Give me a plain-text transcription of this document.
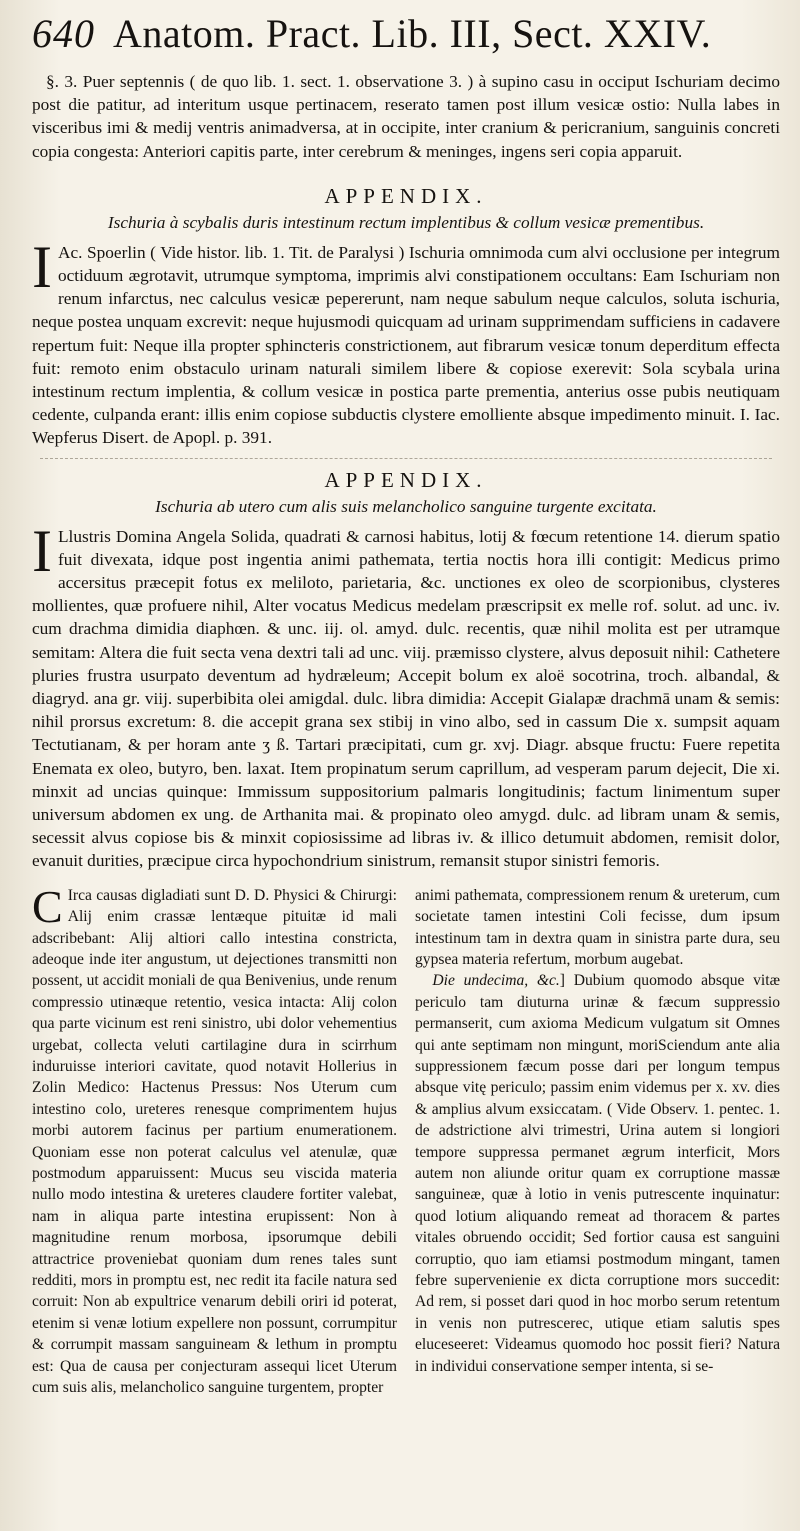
640 Anatom. Pract. Lib. III, Sect. XXIV.

§. 3. Puer septennis ( de quo lib. 1. sect. 1. observatione 3. ) à supino casu in occiput Ischuriam decimo post die patitur, ad interitum usque pertinacem, reserato tamen post illum vesicæ ostio: Nulla labes in visceribus imi & medij ventris animadversa, at in occipite, inter cranium & pericranium, sanguinis concreti copia congesta: Anteriori capitis parte, inter cerebrum & meninges, ingens seri copia apparuit.

APPENDIX.
Ischuria à scybalis duris intestinum rectum implentibus & collum vesicæ prementibus.

I Ac. Spoerlin ( Vide histor. lib. 1. Tit. de Paralysi ) Ischuria omnimoda cum alvi occlusione per integrum octiduum ægrotavit, utrumque symptoma, imprimis alvi constipationem occultans: Eam Ischuriam non renum infarctus, nec calculus vesicæ pepererunt, nam neque sabulum neque calculos, soluta ischuria, neque postea unquam excrevit: neque hujusmodi quicquam ad urinam supprimendam sufficiens in cadavere repertum fuit: Neque illa propter sphincteris constrictionem, aut fibrarum vesicæ tonum deperditum effecta fuit: remoto enim obstaculo urinam naturali similem libere & copiose exerevit: Sola scybala urina intestinum rectum implentia, & collum vesicæ in postica parte prementia, anterius osse pubis neutiquam cedente, culpanda erant: illis enim copiose subductis clystere emolliente absque impedimento minuit. I. Iac. Wepferus Disert. de Apopl. p. 391.

APPENDIX.
Ischuria ab utero cum alis suis melancholico sanguine turgente excitata.

I Llustris Domina Angela Solida, quadrati & carnosi habitus, lotij & fœcum retentione 14. dierum spatio fuit divexata, idque post ingentia animi pathemata, tertia noctis hora illi contigit: Medicus primo accersitus præcepit fotus ex meliloto, parietaria, &c. unctiones ex oleo de scorpionibus, clysteres mollientes, quæ profuere nihil, Alter vocatus Medicus medelam præscripsit ex melle rof. solut. ad unc. iv. cum drachma dimidia diaphœn. & unc. iij. ol. amyd. dulc. recentis, quæ nihil molita est per utramque semitam: Altera die fuit secta vena dextri tali ad unc. viij. præmisso clystere, alvus deposuit nihil: Cathetere pluries frustra usurpato deventum ad hydræleum; Accepit bolum ex aloë socotrina, troch. albandal, & diagryd. ana gr. viij. superbibita olei amigdal. dulc. libra dimidia: Accepit Gialapæ drachmā unam & semis: nihil prorsus excretum: 8. die accepit grana sex stibij in vino albo, sed in cassum Die x. sumpsit aquam Tectutianam, & per horam ante ʒ ß. Tartari præcipitati, cum gr. xvj. Diagr. absque fructu: Fuere repetita Enemata ex oleo, butyro, ben. laxat. Item propinatum serum caprillum, ad vesperam parum dejecit, Die xi. minxit ad uncias quinque: Immissum suppositorium palmaris longitudinis; factum linimentum super universum abdomen ex ung. de Arthanita mai. & propinato oleo amygd. dulc. ad libram unam & semis, secessit alvus copiose bis & minxit copiosissime ad libras iv. & illico detumuit abdomen, remisit dolor, evanuit durities, præcipue circa hypochondrium sinistrum, remansit stupor sinistri femoris.

C Irca causas digladiati sunt D. D. Physici & Chirurgi: Alij enim crassæ lentæque pituitæ id mali adscribebant: Alij altiori callo intestina constricta, adeoque inde iter angustum, ut dejectiones transmitti non possent, ut accidit moniali de qua Benivenius, unde renum compressio utinæque retentio, vesica intacta: Alij colon qua parte vicinum est reni sinistro, ubi dolor vehementius urgebat, collecta veluti cartilagine dura in scirrhum induruisse interiori cavitate, quod notavit Hollerius in Zolin Medico: Hactenus Pressus: Nos Uterum cum intestino colo, ureteres renesque comprimentem hujus morbi autorem facinus per partium enumerationem. Quoniam esse non poterat calculus vel atenulæ, quæ postmodum apparuissent: Mucus seu viscida materia nullo modo intestina & ureteres claudere fortiter valebat, nam in aliqua parte intestina erupissent: Non à magnitudine renum morbosa, ipsorumque debili attractrice proveniebat quoniam dum renes tales sunt redditi, mors in promptu est, nec redit ita facile natura sed corruit: Non ab expultrice venarum debili oriri id poterat, etenim si venæ lotium expellere non possunt, corrumpitur & corrumpit massam sanguineam & lethum in promptu est: Qua de causa per conjecturam assequi licet Uterum cum suis alis, melancholico sanguine turgentem, propter

animi pathemata, compressionem renum & ureterum, cum societate tamen intestini Coli fecisse, dum ipsum intestinum tam in dextra quam in sinistra parte dura, seu gypsea materia refertum, morbum augebat.
Die undecima, &c.] Dubium quomodo absque vitæ periculo tam diuturna urinæ & fæcum suppressio permanserit, cum axioma Medicum vulgatum sit Omnes qui ante septimam non mingunt, moriSciendum ante alia suppressionem fæcum posse dari per longum tempus absque vitę periculo; passim enim videmus per x. xv. dies & amplius alvum exsiccatam. ( Vide Observ. 1. pentec. 1. de adstrictione alvi trimestri, Urina autem si longiori tempore suppressa permanet ægrum interficit, Mors autem non aliunde oritur quam ex corruptione massæ sanguineæ, quæ à lotio in venis putrescente inquinatur: quod lotium aliquando remeat ad thoracem & partes vitales obruendo occidit; Sed fortior causa est sanguini corruptio, quo iam etiamsi postmodum mingant, tamen febre supervenienie ex dicta corruptione mors succedit: Ad rem, si posset dari quod in hoc morbo serum retentum in venis non putrescerec, utique etiam salutis spes eluceseeret: Videamus quomodo hoc possit fieri? Natura in individui conservatione semper intenta, si se-
